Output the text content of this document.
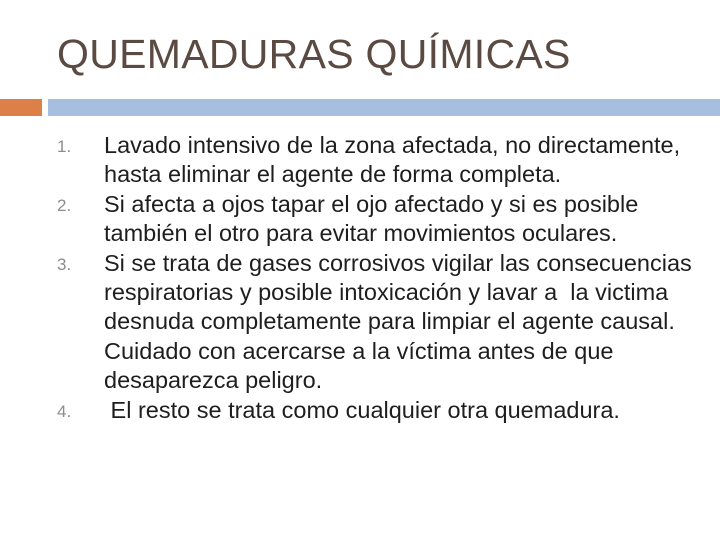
QUEMADURAS QUÍMICAS
1. Lavado intensivo de la zona afectada, no directamente, hasta eliminar el agente de forma completa.
2. Si afecta a ojos tapar el ojo afectado y si es posible también el otro para evitar movimientos oculares.
3. Si se trata de gases corrosivos vigilar las consecuencias respiratorias y posible intoxicación y lavar a  la victima desnuda completamente para limpiar el agente causal. Cuidado con acercarse a la víctima antes de que desaparezca peligro.
4. El resto se trata como cualquier otra quemadura.
